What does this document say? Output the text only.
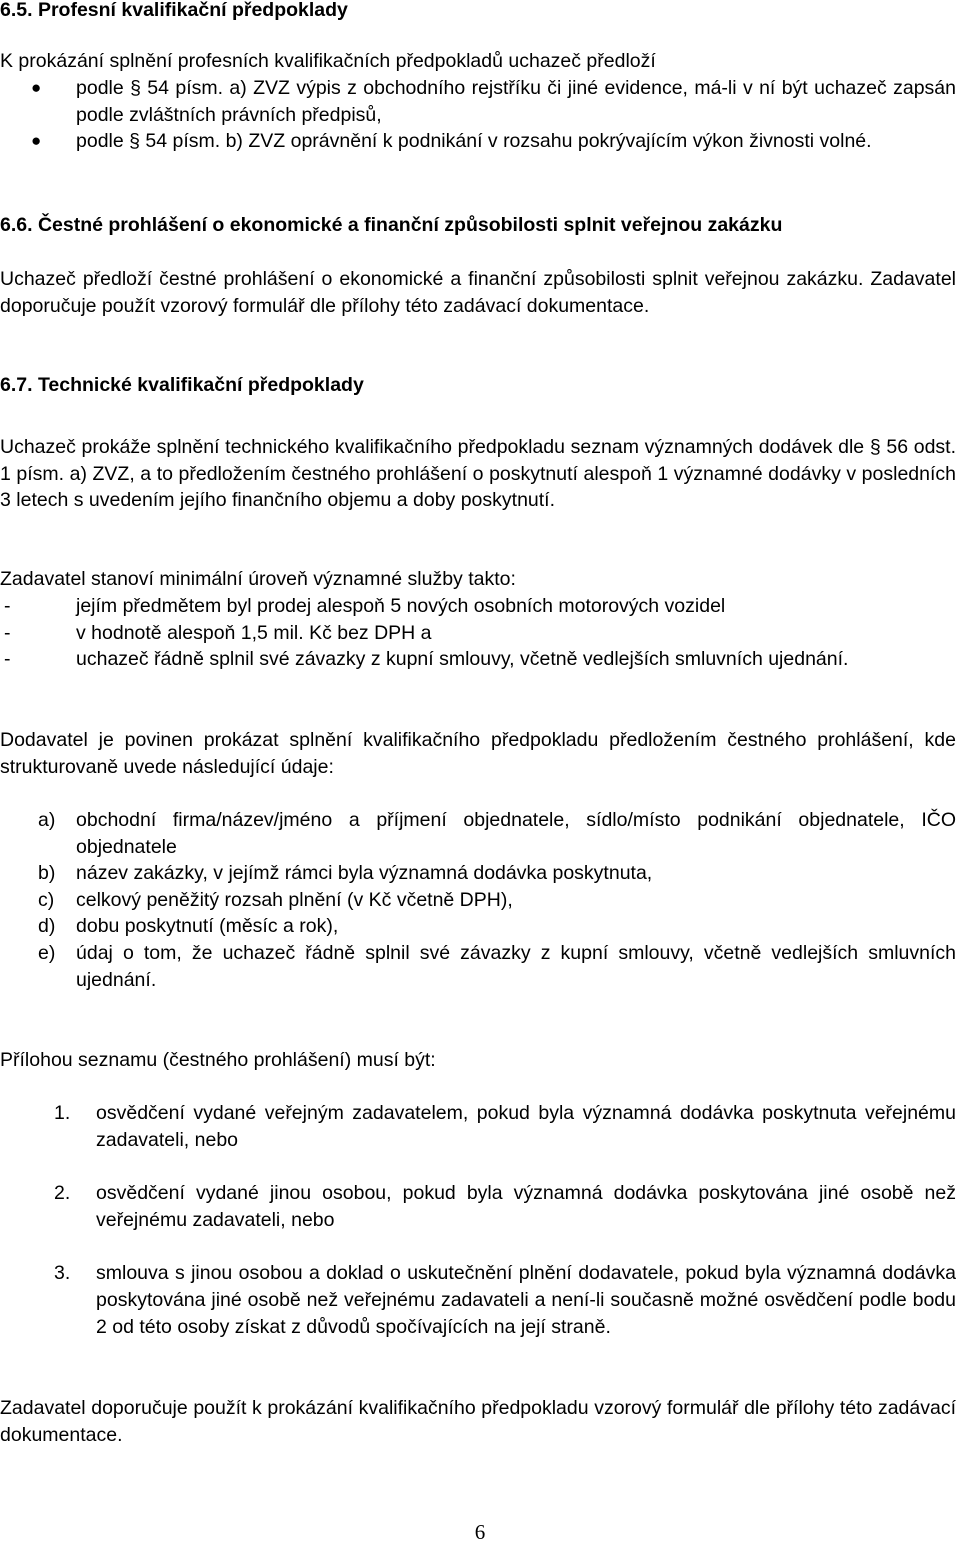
6.5. Profesní kvalifikační předpoklady

K prokázání splnění profesních kvalifikačních předpokladů uchazeč předloží

● podle § 54 písm. a) ZVZ výpis z obchodního rejstříku či jiné evidence, má-li v ní být uchazeč zapsán podle zvláštních právních předpisů,
● podle § 54 písm. b) ZVZ oprávnění k podnikání v rozsahu pokrývajícím výkon živnosti volné.
6.6. Čestné prohlášení o ekonomické a finanční způsobilosti splnit veřejnou zakázku

Uchazeč předloží čestné prohlášení o ekonomické a finanční způsobilosti splnit veřejnou zakázku. Zadavatel doporučuje použít vzorový formulář dle přílohy této zadávací dokumentace.

6.7. Technické kvalifikační předpoklady

Uchazeč prokáže splnění technického kvalifikačního předpokladu seznam významných dodávek dle § 56 odst. 1 písm. a) ZVZ, a to předložením čestného prohlášení o poskytnutí alespoň 1 významné dodávky v posledních 3 letech s uvedením jejího finančního objemu a doby poskytnutí.

Zadavatel stanoví minimální úroveň významné služby takto:

-	jejím předmětem byl prodej alespoň 5 nových osobních motorových vozidel
-	v hodnotě alespoň 1,5 mil. Kč bez DPH a
-	uchazeč řádně splnil své závazky z kupní smlouvy, včetně vedlejších smluvních ujednání.

Dodavatel je povinen prokázat splnění kvalifikačního předpokladu předložením čestného prohlášení, kde strukturovaně uvede následující údaje:

a) obchodní firma/název/jméno a příjmení objednatele, sídlo/místo podnikání objednatele, IČO objednatele
b) název zakázky, v jejímž rámci byla významná dodávka poskytnuta,
c) celkový peněžitý rozsah plnění (v Kč včetně DPH),
d) dobu poskytnutí (měsíc a rok),
e) údaj o tom, že uchazeč řádně splnil své závazky z kupní smlouvy, včetně vedlejších smluvních ujednání.

Přílohou seznamu (čestného prohlášení) musí být:

1. osvědčení vydané veřejným zadavatelem, pokud byla významná dodávka poskytnuta veřejnému zadavateli, nebo
2. osvědčení vydané jinou osobou, pokud byla významná dodávka poskytována jiné osobě než veřejnému zadavateli, nebo
3. smlouva s jinou osobou a doklad o uskutečnění plnění dodavatele, pokud byla významná dodávka poskytována jiné osobě než veřejnému zadavateli a není-li současně možné osvědčení podle bodu 2 od této osoby získat z důvodů spočívajících na její straně.

Zadavatel doporučuje použít k prokázání kvalifikačního předpokladu vzorový formulář dle přílohy této zadávací dokumentace.

6
